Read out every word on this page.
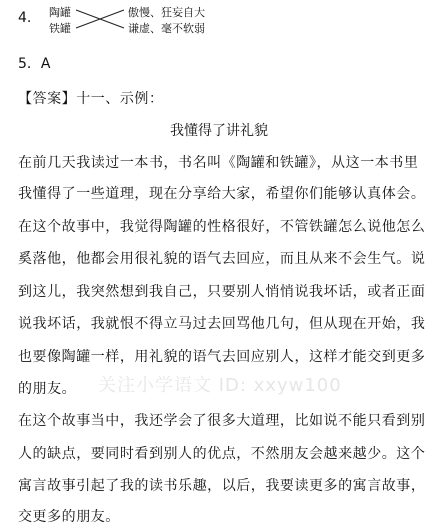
4. 陶罐
铁罐
傲慢、狂妄自大
谦虚、毫不软弱
5．A
【答案】十一、示例：
我懂得了讲礼貌
在前几天我读过一本书，书名叫《陶罐和铁罐》，从这一本书里
我懂得了一些道理，现在分享给大家，希望你们能够认真体会。
在这个故事中，我觉得陶罐的性格很好，不管铁罐怎么说他怎么
奚落他，他都会用很礼貌的语气去回应，而且从来不会生气。说
到这儿，我突然想到我自己，只要别人悄悄说我坏话，或者正面
说我坏话，我就恨不得立马过去回骂他几句，但从现在开始，我
也要像陶罐一样，用礼貌的语气去回应别人，这样才能交到更多
的朋友。
在这个故事当中，我还学会了很多大道理，比如说不能只看到别
人的缺点，要同时看到别人的优点，不然朋友会越来越少。这个
寓言故事引起了我的读书乐趣，以后，我要读更多的寓言故事，
交更多的朋友。
关注小学语文 ID: xxyw100
